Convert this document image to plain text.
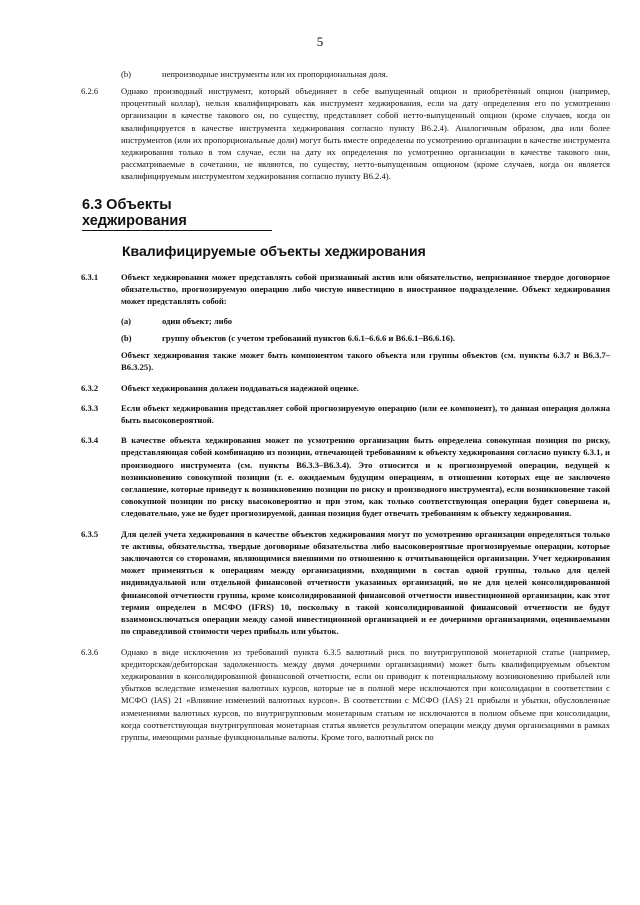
5
(b)	непроизводные инструменты или их пропорциональная доля.
6.2.6	Однако производный инструмент, который объединяет в себе выпущенный опцион и приобретённый опцион (например, процентный коллар), нельзя квалифицировать как инструмент хеджирования, если на дату определения его по усмотрению организации в качестве такового он, по существу, представляет собой нетто-выпущенный опцион (кроме случаев, когда он квалифицируется в качестве инструмента хеджирования согласно пункту B6.2.4). Аналогичным образом, два или более инструментов (или их пропорциональные доли) могут быть вместе определены по усмотрению организации в качестве инструмента хеджирования только в том случае, если на дату их определения по усмотрению организации в качестве такового они, рассматриваемые в сочетании, не являются, по существу, нетто-выпущенным опционом (кроме случаев, когда он является квалифицируемым инструментом хеджирования согласно пункту B6.2.4).
6.3 Объекты хеджирования
Квалифицируемые объекты хеджирования
6.3.1	Объект хеджирования может представлять собой признанный актив или обязательство, непризнанное твердое договорное обязательство, прогнозируемую операцию либо чистую инвестицию в иностранное подразделение. Объект хеджирования может представлять собой:
(a)	один объект; либо
(b)	группу объектов (с учетом требований пунктов 6.6.1–6.6.6 и B6.6.1–B6.6.16).
Объект хеджирования также может быть компонентом такого объекта или группы объектов (см. пункты 6.3.7 и B6.3.7–B6.3.25).
6.3.2	Объект хеджирования должен поддаваться надежной оценке.
6.3.3	Если объект хеджирования представляет собой прогнозируемую операцию (или ее компонент), то данная операция должна быть высоковероятной.
6.3.4	В качестве объекта хеджирования может по усмотрению организации быть определена совокупная позиция по риску, представляющая собой комбинацию из позиции, отвечающей требованиям к объекту хеджирования согласно пункту 6.3.1, и производного инструмента (см. пункты B6.3.3–B6.3.4). Это относится и к прогнозируемой операции, ведущей к возникновению совокупной позиции (т. е. ожидаемым будущим операциям, в отношении которых еще не заключено соглашение, которые приведут к возникновению позиции по риску и производного инструмента), если возникновение такой совокупной позиции по риску высоковероятно и при этом, как только соответствующая операция будет совершена и, следовательно, уже не будет прогнозируемой, данная позиция будет отвечать требованиям к объекту хеджирования.
6.3.5	Для целей учета хеджирования в качестве объектов хеджирования могут по усмотрению организации определяться только те активы, обязательства, твердые договорные обязательства либо высоковероятные прогнозируемые операции, которые заключаются со сторонами, являющимися внешними по отношению к отчитывающейся организации. Учет хеджирования может применяться к операциям между организациями, входящими в состав одной группы, только для целей индивидуальной или отдельной финансовой отчетности указанных организаций, но не для целей консолидированной финансовой отчетности группы, кроме консолидированной финансовой отчетности инвестиционной организации, как этот термин определен в МСФО (IFRS) 10, поскольку в такой консолидированной финансовой отчетности не будут взаимоисключаться операции между самой инвестиционной организацией и ее дочерними организациями, оцениваемыми по справедливой стоимости через прибыль или убыток.
6.3.6	Однако в виде исключения из требований пункта 6.3.5 валютный риск по внутригрупповой монетарной статье (например, кредиторская/дебиторская задолженность между двумя дочерними организациями) может быть квалифицируемым объектом хеджирования в консолидированной финансовой отчетности, если он приводит к потенциальному возникновению прибылей или убытков вследствие изменения валютных курсов, которые не в полной мере исключаются при консолидации в соответствии с МСФО (IAS) 21 «Влияние изменений валютных курсов». В соответствии с МСФО (IAS) 21 прибыли и убытки, обусловленные изменениями валютных курсов, по внутригрупповым монетарным статьям не исключаются в полном объеме при консолидации, когда соответствующая внутригрупповая монетарная статья является результатом операции между двумя организациями в рамках группы, имеющими разные функциональные валюты. Кроме того, валютный риск по
